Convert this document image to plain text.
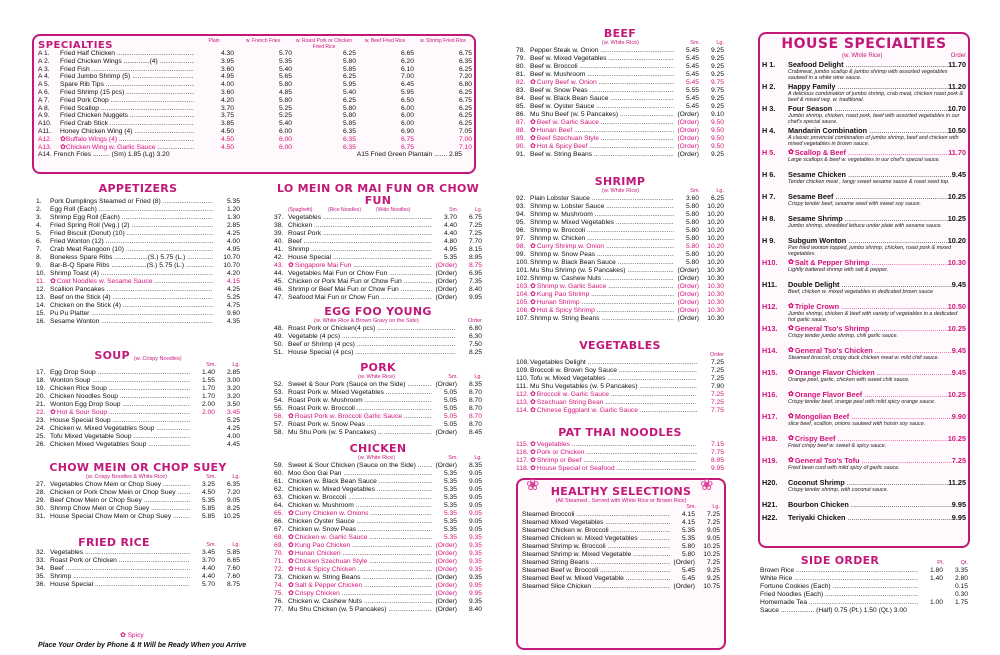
SPECIALTIES	Plain	w. French Fries	w. Roast Pork or Chicken Fried Rice
w. Beef Fried Rice	w. Shrimp Fried Rice
A 1.	Fried Half Chicken .....	4.30	5.70	6.25	6.65	6.75
A 2.	Fried Chicken Wings ..............(4) .....	3.95	5.35	5.80	6.20	6.35
A 3.	Fried Fish .....	3.60	5.40	5.85	6.10	6.25
A 4.	Fried Jumbo Shrimp (5) .....	4.95	5.65	6.25	7.00	7.20
A 5.	Spare Rib Tips .....	4.00	5.80	5.95	6.45	6.80
A 6.	Fried Shrimp (15 pcs) .....	3.60	4.85	5.40	5.95	6.25
A 7.	Fried Pork Chop .....	4.20	5.80	6.25	6.50	6.75
A 8.	Fried Scallop .....	3.70	5.25	5.80	6.00	6.25
A 9.	Fried Chicken Nuggets .....	3.75	5.25	5.80	6.00	6.25
A10.	Fried Crab Stick .....	3.85	5.40	5.85	6.00	6.25
A11.	Honey Chicken Wing (4) .....	4.50	6.00	6.35	6.90	7.05
A12.	✿ Buffalo Wings (4) .....	4.50	6.00	6.35	6.75	7.00
A13.	✿ Chicken Wing w. Garlic Sauce .....	4.50	6.00	6.35	6.75	7.10
A14. French Fries ......... (Sm) 1.85 (Lg) 3.20	A15 Fried Green Plantain ....... 2.85
APPETIZERS
1.	Pork Dumplings Steamed or Fried (8) .....	5.35
2.	Egg Roll (Each) .....	1.20
3.	Shrimp Egg Roll (Each) .....	1.30
4.	Fried Spring Roll (Veg.) (2) .....	2.85
5.	Fried Biscuit (Donut) (10) .....	4.25
6.	Fried Wonton (12) .....	4.00
7.	Crab Meat Rangoon (10) .....	4.95
8.	Boneless Spare Ribs ..................(S.) 5.75 (L.) .....	10.70
9.	Bar-B-Q Spare Ribs ...................(S.) 5.75 (L.) .....	10.70
10. Shrimp Toast (4) .....	4.20
11. ✿ Cold Noodles w. Sesame Sauce .....	4.15
12. Scallion Pancakes .....	4.25
13. Beef on the Stick (4) .....	5.25
14. Chicken on the Stick (4) .....	4.75
15. Pu Pu Platter .....	9.60
16. Sesame Wonton .....	4.35
SOUP (w. Crispy Noodles)
Sm.	Lg.
17. Egg Drop Soup .....	1.40	2.85
18. Wonton Soup .....	1.55	3.00
19. Chicken Rice Soup .....	1.70	3.20
20. Chicken Noodles Soup .....	1.70	3.20
21. Wonton Egg Drop Soup .....	2.00	3.50
22. ✿ Hot & Sour Soup .....	2.00	3.45
23. House Special Soup .....	5.25
24. Chicken w. Mixed Vegetables Soup .....	4.25
25. Tofu Mixed Vegetable Soup .....	4.00
26. Chicken Mixed Vegetables Soup .....	4.45
CHOW MEIN OR CHOP SUEY
(w. Crispy Noodles & White Rice)	Sm.	Lg.
27. Vegetables Chow Mein or Chop Suey .....	3.25	6.35
28. Chicken or Pork Chow Mein or Chop Suey .....	4.50	7.20
29. Beef Chow Mein or Chop Suey .....	5.35	9.05
30. Shrimp Chow Mein or Chop Suey .....	5.85	8.25
31. House Special Chow Mein or Chop Suey .....	5.85	10.25
FRIED RICE	Sm.	Lg.
32. Vegetables .....	3.45	5.85
33. Roast Pork or Chicken .....	3.70	6.65
34. Beef .....	4.40	7.60
35. Shrimp .....	4.40	7.60
36. House Special .....	5.70	8.75
✿ Spicy
Place Your Order by Phone & It Will be Ready When you Arrive
LO MEIN OR MAI FUN OR CHOW FUN
(Spaghetti)	(Rice Noodles)	(Wide Noodles)	Sm.	Lg.
37. Vegetables .....	3.70	6.75
38. Chicken .....	4.40	7.25
39. Roast Pork .....	4.40	7.25
40. Beef .....	4.80	7.70
41. Shrimp .....	4.95	8.15
42. House Special .....	5.35	8.95
43. ✿ Singapore Mai Fun .....	(Order)	8.75
44. Vegetables Mai Fun or Chow Fun .....	(Order)	6.95
45. Chicken or Pork Mai Fun or Chow Fun .....	(Order)	7.35
46. Shrimp or Beef Mai Fun or Chow Fun .....	(Order)	8.40
47. Seafood Mai Fun or Chow Fun .....	(Order)	9.95
EGG FOO YOUNG
(w. White Rice & Brown Gravy on the Side)	Order
48. Roast Pork or Chicken(4 pcs) .....	6.80
49. Vegetable (4 pcs) .....	6.30
50. Beef or Shrimp (4 pcs) .....	7.50
51. House Special (4 pcs) .....	8.25
PORK
(w. White Rice)	Sm.	Lg.
52. Sweet & Sour Pork (Sauce on the Side) .....	(Order)	8.35
53. Roast Pork w. Mixed Vegetables .....	5.05	8.70
54. Roast Pork w. Mushroom .....	5.05	8.70
55. Roast Pork w. Broccoli .....	5.05	8.70
56. ✿ Roast Pork w. Broccoli Garlic Sauce .....	5.05	8.70
57. Roast Pork w. Snow Peas .....	5.05	8.70
58. Mu Shu Pork (w. 5 Pancakes) .....	(Order)	8.45
CHICKEN
(w. White Rice)	Sm.	Lg.
59. Sweet & Sour Chicken (Sauce on the Side) .....	(Order)	8.35
60. Moo Goo Gai Pan .....	5.35	9.05
61. Chicken w. Black Bean Sauce .....	5.35	9.05
62. Chicken w. Mixed Vegetables .....	5.35	9.05
63. Chicken w. Broccoli .....	5.35	9.05
64. Chicken w. Mushroom .....	5.35	9.05
65. ✿ Curry Chicken w. Onions .....	5.35	9.05
66. Chicken Oyster Sauce .....	5.35	9.05
67. Chicken w. Snow Peas .....	5.35	9.05
68. ✿ Chicken w. Garlic Sauce .....	5.35	9.35
69. ✿ Kung Pao Chicken .....	(Order)	9.35
70. ✿ Hunan Chicken .....	(Order)	9.35
71. ✿ Chicken Szechuan Style .....	(Order)	9.35
72. ✿ Hot & Spicy Chicken .....	(Order)	9.35
73. Chicken w. String Beans .....	(Order)	9.35
74. ✿ Salt & Pepper Chicken .....	(Order)	9.95
75. ✿ Crispy Chicken .....	(Order)	9.95
76. Chicken w. Cashew Nuts .....	(Order)	9.35
77. Mu Shu Chicken (w. 5 Pancakes) .....	(Order)	8.40
BEEF
(w. White Rice)	Sm.	Lg.
78. Pepper Steak w. Onion .....	5.45	9.25
79. Beef w. Mixed Vegetables .....	5.45	9.25
80. Beef w. Broccoli .....	5.45	9.25
81. Beef w. Mushroom .....	5.45	9.25
82. ✿ Curry Beef w. Onion .....	5.45	9.75
83. Beef w. Snow Peas .....	5.55	9.75
84. Beef w. Black Bean Sauce .....	5.45	9.25
85. Beef w. Oyster Sauce .....	5.45	9.25
86. Mu Shu Beef (w. 5 Pancakes) .....	(Order)	9.10
87. ✿ Beef w. Garlic Sauce .....	(Order)	9.50
88. ✿ Hunan Beef .....	(Order)	9.50
89. ✿ Beef Szechuan Style .....	(Order)	9.50
90. ✿ Hot & Spicy Beef .....	(Order)	9.50
91. Beef w. String Beans .....	(Order)	9.25
SHRIMP
(w. White Rice)	Sm.	Lg.
92. Plain Lobster Sauce .....	3.60	6.25
93. Shrimp w. Lobster Sauce .....	5.80	10.20
94. Shrimp w. Mushroom .....	5.80	10.20
95. Shrimp w. Mixed Vegetables .....	5.80	10.20
96. Shrimp w. Broccoli .....	5.80	10.20
97. Shrimp w. Chicken .....	5.80	10.20
98. ✿ Curry Shrimp w. Onion .....	5.80	10.20
99. Shrimp w. Snow Peas .....	5.80	10.20
100. Shrimp w. Black Bean Sauce .....	5.80	10.20
101. Mu Shu Shrimp (w. 5 Pancakes) .....	(Order)	10.30
102. Shrimp w. Cashew Nuts .....	(Order)	10.30
103. ✿ Shrimp w. Garlic Sauce .....	(Order)	10.30
104. ✿ Kung Pao Shrimp .....	(Order)	10.30
105. ✿ Hunan Shrimp .....	(Order)	10.30
106. ✿ Hot & Spicy Shrimp .....	(Order)	10.30
107. Shrimp w. String Beans .....	(Order)	10.30
VEGETABLES
Order
108. Vegetables Delight .....	7.25
109. Broccoli w. Brown Soy Sauce .....	7.25
110. Tofu w. Mixed Vegetables .....	7.25
111. Mu Shu Vegetables (w. 5 Pancakes) .....	7.90
112. ✿ Broccoli w. Garlic Sauce .....	7.25
113. ✿ Szechuan String Bean .....	7.25
114. ✿ Chinese Eggplant w. Garlic Sauce .....	7.75
PAT THAI NOODLES
115. ✿ Vegetables .....	7.15
116. ✿ Pork or Chicken .....	7.75
117. ✿ Shrimp or Beef .....	8.95
118. ✿ House Special or Seafood .....	9.95
❀	❀
HEALTHY SELECTIONS
(All Steamed , Served with White Rice or Brown Rice)
Sm.	Lg.
Steamed Broccoli .....	4.15	7.25
Steamed Mixed Vegetables .....	4.15	7.25
Steamed Chicken w. Broccoli .....	5.35	9.05
Steamed Chicken w. Mixed Vegetables .....	5.35	9.05
Steamed Shrimp w. Broccoli .....	5.80	10.25
Steamed Shrimp w. Mixed Vegetable .....	5.80	10.25
Steamed String Beans .....	(Order)	7.25
Steamed Beef w. Broccoli .....	5.45	9.25
Steamed Beef w. Mixed Vegetable .....	5.45	9.25
Steamed Slice Chicken .....	(Order)	10.75
HOUSE SPECIALTIES
(w. White Rice)	Order
H 1.	Seafood Delight .....	11.70
Crabmeat, jumbo scallop & jumbo shrimp with assorted vegetables sauteed in a white wine sauce.
H 2.	Happy Family .....	11.20
A delicious combination of jumbo shrimp, crab meat, chicken roast pork & beef & mixed veg. w. traditional.
H 3.	Four Season .....	10.70
Jumbo shrimp, chicken, roast pork, beef with assorted vegetables in our chef's special sauce.
H 4.	Mandarin Combination .....	10.50
A classic provincial combination of jumbo shrimp, beef and chicken with mixed vegetables in brown sauce.
H 5.	✿ Scallop & Beef .....	11.70
Large scallops & beef w. vegetables in our chef's special sauce.
H 6.	Sesame Chicken .....	9.45
Tender chicken meat , tangy sweet sesame sauce & roast seed top.
H 7.	Sesame Beef .....	10.25
Crispy tender beef, sesame seed with sweet soy sauce.
H 8.	Sesame Shrimp .....	10.25
Jumbo shrimp, shredded lettuce under plate with sesame sauce.
H 9.	Subgum Wonton .....	10.20
Pan fried wonton topped, jumbo shrimp, chicken, roast pork & mixed vegetables.
H10.	✿ Salt & Pepper Shrimp .....	10.30
Lightly battered shrimp with salt & pepper.
H11.	Double Delight .....	9.45
Beef, chicken w. mixed vegetables in dedicated brown sauce
H12.	✿ Triple Crown .....	10.50
Jumbo shrimp, chicken & beef with variety of vegetables in a dedicated hot garlic sauce.
H13.	✿ General Tso's Shrimp .....	10.25
Crispy tender jumbo shrimp, chili garlic sauce.
H14.	✿ General Tso's Chicken .....	9.45
Steamed broccoli, crispy duck chicken meat w. mild chili sauce.
H15.	✿ Orange Flavor Chicken .....	9.45
Orange peel, garlic, chicken with sweet chili sauce.
H16.	✿ Orange Flavor Beef .....	10.25
Crispy tender beef, orange peel with mild spicy orange sauce.
H17.	✿ Mongolian Beef .....	9.90
slice beef, scallion, onions sauteed with hoisin soy sauce.
H18.	✿ Crispy Beef .....	10.25
Fried crispy beef w. sweet & spicy sauce.
H19.	✿ General Tso's Tofu .....	7.25
Fried bean curd with mild spicy of garlic sauce.
H20.	Coconut Shrimp .....	11.25
Crispy tender shrimp, with coconut sauce.
H21.	Bourbon Chicken .....	9.95
H22.	Teriyaki Chicken .....	9.95
SIDE ORDER	Pt.	Qt.
Brown Rice .....	1.80	3.35
White Rice .....	1.40	2.80
Fortune Cookies (Each) .....	0.15
Fried Noodles (Each) .....	0.30
Homemade Tea .....	1.00	1.75
Sauce .................. (Half) 0.75 (Pt.) 1.50 (Qt.) 3.00
